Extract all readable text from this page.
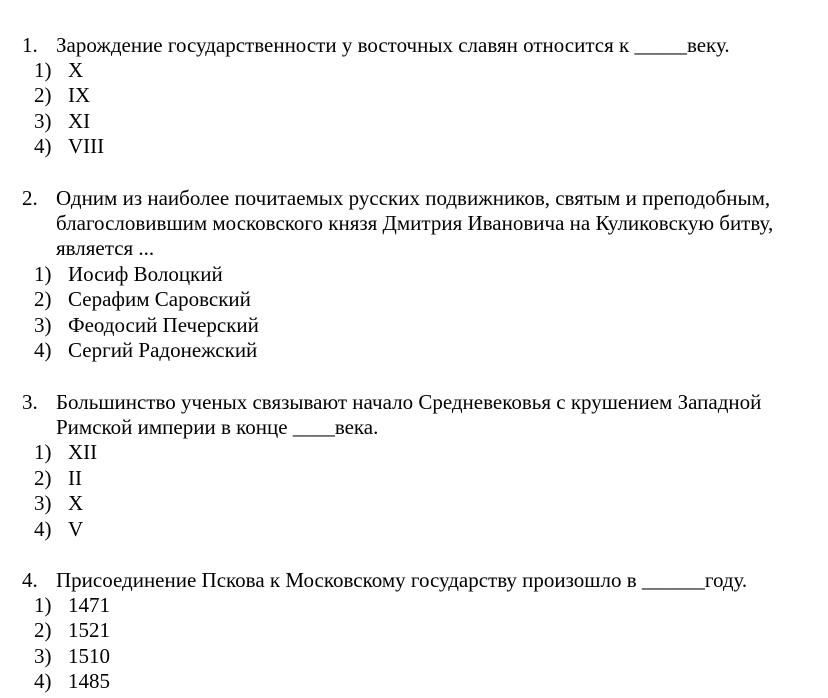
1. Зарождение государственности у восточных славян относится к _____веку.
1) X
2) IX
3) XI
4) VIII
2. Одним из наиболее почитаемых русских подвижников, святым и преподобным,
благословившим московского князя Дмитрия Ивановича на Куликовскую битву,
является ...
1) Иосиф Волоцкий
2) Серафим Саровский
3) Феодосий Печерский
4) Сергий Радонежский
3. Большинство ученых связывают начало Средневековья с крушением Западной
Римской империи в конце ____века.
1) XII
2) II
3) X
4) V
4. Присоединение Пскова к Московскому государству произошло в ______году.
1) 1471
2) 1521
3) 1510
4) 1485
